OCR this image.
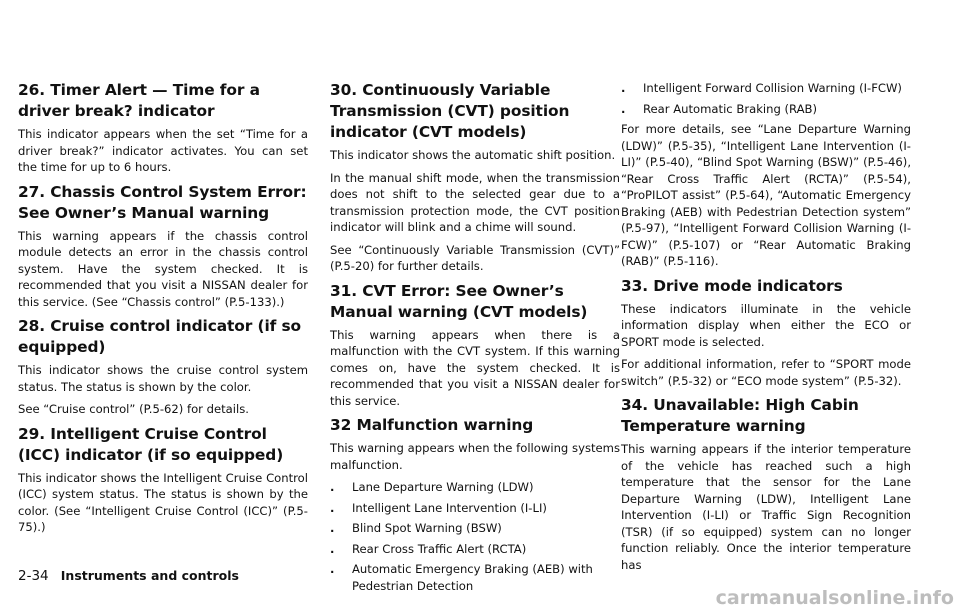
26. Timer Alert — Time for a driver break? indicator

This indicator appears when the set “Time for a driver break?” indicator activates. You can set the time for up to 6 hours.

27. Chassis Control System Error: See Owner’s Manual warning

This warning appears if the chassis control module detects an error in the chassis control system. Have the system checked. It is recommended that you visit a NISSAN dealer for this service. (See “Chassis control” (P.5-133).)

28. Cruise control indicator (if so equipped)

This indicator shows the cruise control system status. The status is shown by the color.

See “Cruise control” (P.5-62) for details.

29. Intelligent Cruise Control (ICC) indicator (if so equipped)

This indicator shows the Intelligent Cruise Control (ICC) system status. The status is shown by the color. (See “Intelligent Cruise Control (ICC)” (P.5-75).)

30. Continuously Variable Transmission (CVT) position indicator (CVT models)

This indicator shows the automatic shift position.

In the manual shift mode, when the transmission does not shift to the selected gear due to a transmission protection mode, the CVT position indicator will blink and a chime will sound.

See “Continuously Variable Transmission (CVT)” (P.5-20) for further details.

31. CVT Error: See Owner’s Manual warning (CVT models)

This warning appears when there is a malfunction with the CVT system. If this warning comes on, have the system checked. It is recommended that you visit a NISSAN dealer for this service.

32 Malfunction warning

This warning appears when the following systems malfunction.

. Lane Departure Warning (LDW)
. Intelligent Lane Intervention (I-LI)
. Blind Spot Warning (BSW)
. Rear Cross Traffic Alert (RCTA)
. Automatic Emergency Braking (AEB) with Pedestrian Detection
. Intelligent Forward Collision Warning (I-FCW)
. Rear Automatic Braking (RAB)

For more details, see “Lane Departure Warning (LDW)” (P.5-35), “Intelligent Lane Intervention (I-LI)” (P.5-40), “Blind Spot Warning (BSW)” (P.5-46), “Rear Cross Traffic Alert (RCTA)” (P.5-54), “ProPILOT assist” (P.5-64), “Automatic Emergency Braking (AEB) with Pedestrian Detection system” (P.5-97), “Intelligent Forward Collision Warning (I-FCW)” (P.5-107) or “Rear Automatic Braking (RAB)” (P.5-116).

33. Drive mode indicators

These indicators illuminate in the vehicle information display when either the ECO or SPORT mode is selected.

For additional information, refer to “SPORT mode switch” (P.5-32) or “ECO mode system” (P.5-32).

34. Unavailable: High Cabin Temperature warning

This warning appears if the interior temperature of the vehicle has reached such a high temperature that the sensor for the Lane Departure Warning (LDW), Intelligent Lane Intervention (I-LI) or Traffic Sign Recognition (TSR) (if so equipped) system can no longer function reliably. Once the interior temperature has

2-34 Instruments and controls
carmanualsonline.info
